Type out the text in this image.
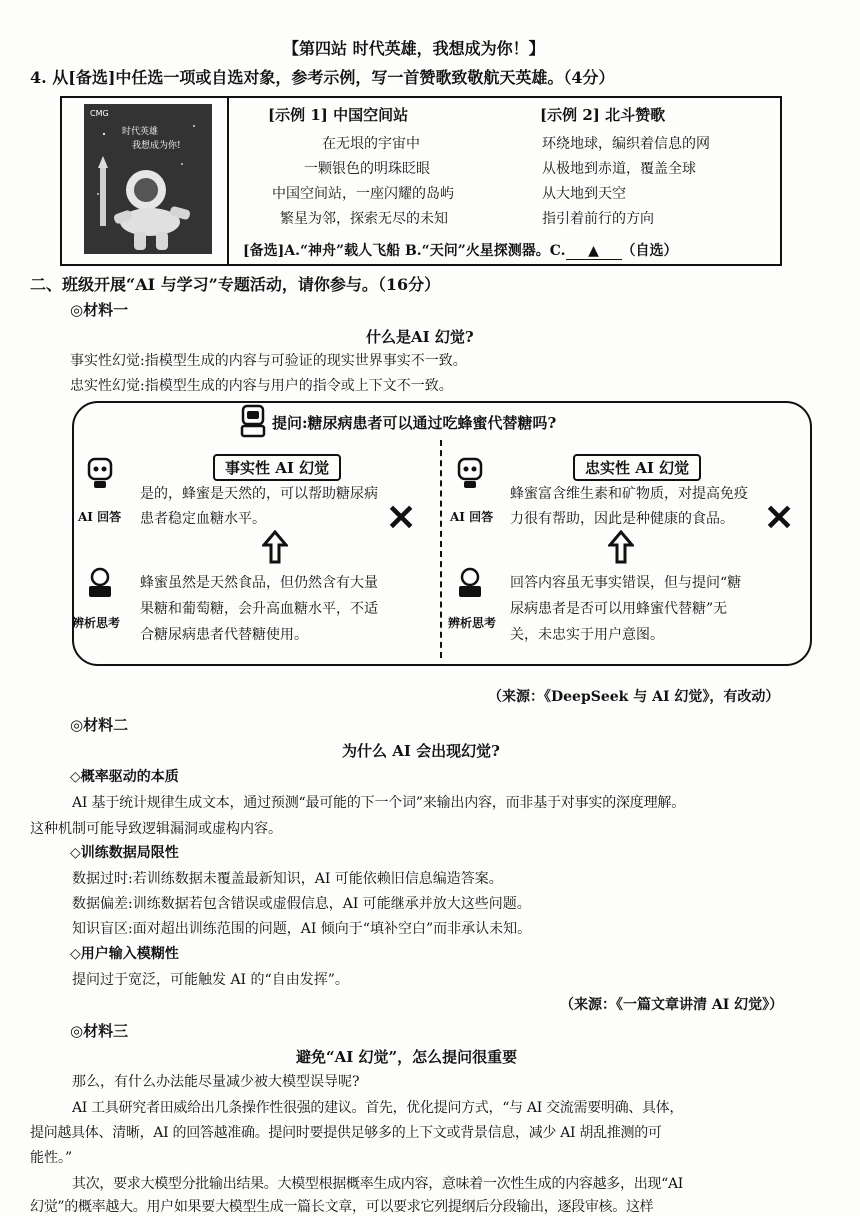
【第四站 时代英雄，我想成为你！】
4. 从[备选]中任选一项或自选对象，参考示例，写一首赞歌致敬航天英雄。（4分）
CMG
时代英雄
我想成为你!
[示例 1] 中国空间站
在无垠的宇宙中
一颗银色的明珠眨眼
中国空间站，一座闪耀的岛屿
繁星为邻，探索无尽的未知
[示例 2] 北斗赞歌
环绕地球，编织着信息的网
从极地到赤道，覆盖全球
从大地到天空
指引着前行的方向
[备选]A.“神舟”载人飞船 B.“天问”火星探测器。C. ▲ （自选）
二、班级开展“AI 与学习”专题活动，请你参与。（16分）
◎材料一
什么是AI 幻觉?
事实性幻觉:指模型生成的内容与可验证的现实世界事实不一致。
忠实性幻觉:指模型生成的内容与用户的指令或上下文不一致。
提问:糖尿病患者可以通过吃蜂蜜代替糖吗?
事实性 AI 幻觉
AI 回答
是的，蜂蜜是天然的，可以帮助糖尿病
患者稳定血糖水平。	✕
辨析思考
蜂蜜虽然是天然食品，但仍然含有大量
果糖和葡萄糖，会升高血糖水平，不适
合糖尿病患者代替糖使用。
忠实性 AI 幻觉
AI 回答
蜂蜜富含维生素和矿物质，对提高免疫
力很有帮助，因此是种健康的食品。 ✕
辨析思考
回答内容虽无事实错误，但与提问“糖
尿病患者是否可以用蜂蜜代替糖”无
关，未忠实于用户意图。
（来源：《DeepSeek 与 AI 幻觉》，有改动）
◎材料二
为什么 AI 会出现幻觉?
◇概率驱动的本质
AI 基于统计规律生成文本，通过预测“最可能的下一个词”来输出内容，而非基于对事实的深度理解。
这种机制可能导致逻辑漏洞或虚构内容。
◇训练数据局限性
数据过时:若训练数据未覆盖最新知识，AI 可能依赖旧信息编造答案。
数据偏差:训练数据若包含错误或虚假信息，AI 可能继承并放大这些问题。
知识盲区:面对超出训练范围的问题，AI 倾向于“填补空白”而非承认未知。
◇用户输入模糊性
提问过于宽泛，可能触发 AI 的“自由发挥”。
（来源：《一篇文章讲清 AI 幻觉》）
◎材料三
避免“AI 幻觉”，怎么提问很重要
那么，有什么办法能尽量减少被大模型误导呢?
AI 工具研究者田威给出几条操作性很强的建议。首先，优化提问方式，“与 AI 交流需要明确、具体，
提问越具体、清晰，AI 的回答越准确。提问时要提供足够多的上下文或背景信息，减少 AI 胡乱推测的可
能性。”
其次，要求大模型分批输出结果。大模型根据概率生成内容，意味着一次性生成的内容越多，出现“AI
幻觉”的概率越大。用户如果要大模型生成一篇长文章，可以要求它列提纲后分段输出，逐段审核。这样
